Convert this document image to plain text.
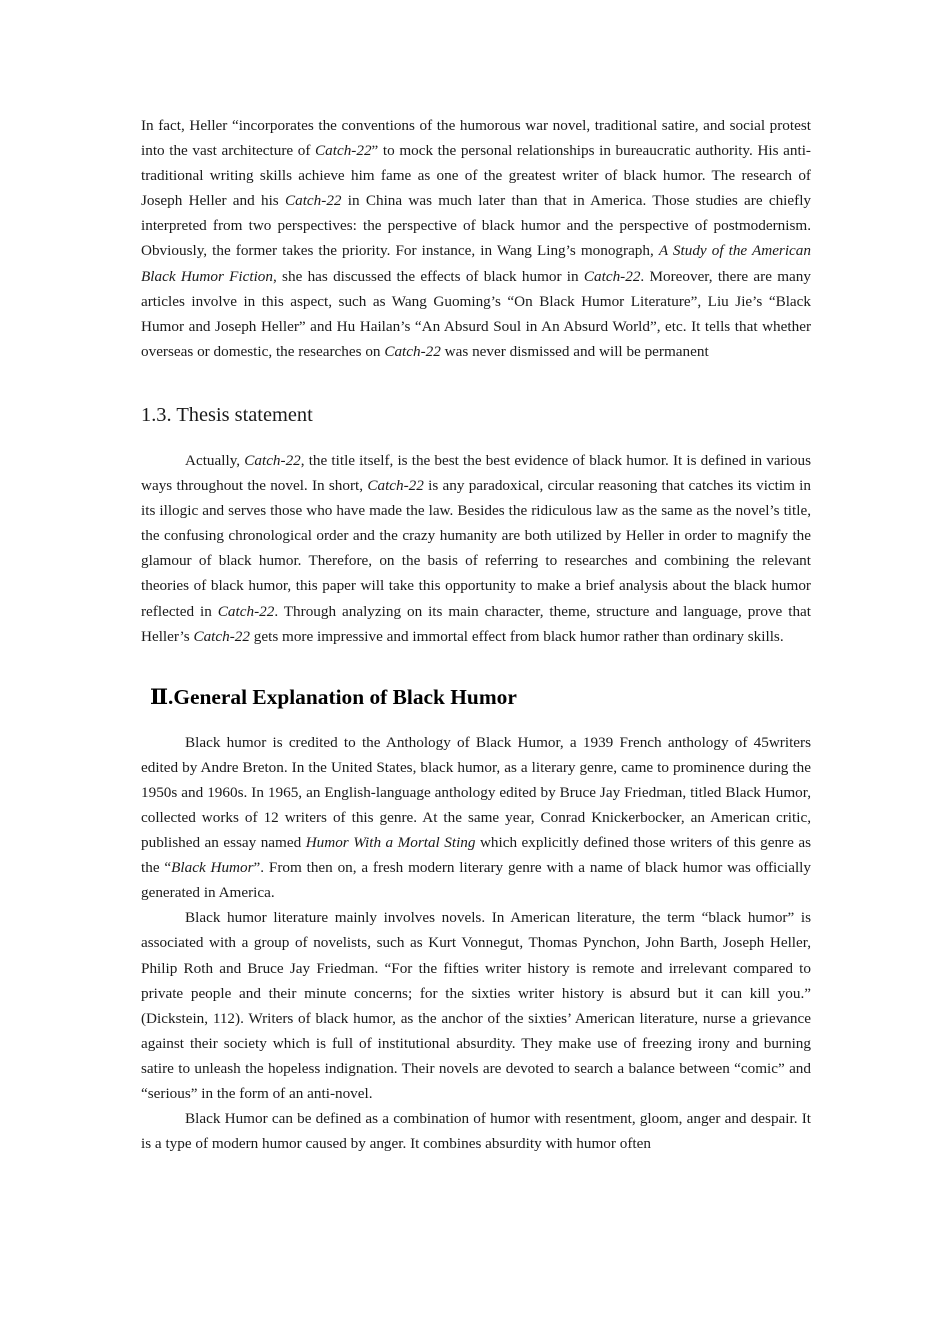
In fact, Heller “incorporates the conventions of the humorous war novel, traditional satire, and social protest into the vast architecture of Catch-22” to mock the personal relationships in bureaucratic authority. His anti-traditional writing skills achieve him fame as one of the greatest writer of black humor. The research of Joseph Heller and his Catch-22 in China was much later than that in America. Those studies are chiefly interpreted from two perspectives: the perspective of black humor and the perspective of postmodernism. Obviously, the former takes the priority. For instance, in Wang Ling’s monograph, A Study of the American Black Humor Fiction, she has discussed the effects of black humor in Catch-22. Moreover, there are many articles involve in this aspect, such as Wang Guoming’s “On Black Humor Literature”, Liu Jie’s “Black Humor and Joseph Heller” and Hu Hailan’s “An Absurd Soul in An Absurd World”, etc. It tells that whether overseas or domestic, the researches on Catch-22 was never dismissed and will be permanent

1.3. Thesis statement

Actually, Catch-22, the title itself, is the best the best evidence of black humor. It is defined in various ways throughout the novel. In short, Catch-22 is any paradoxical, circular reasoning that catches its victim in its illogic and serves those who have made the law. Besides the ridiculous law as the same as the novel’s title, the confusing chronological order and the crazy humanity are both utilized by Heller in order to magnify the glamour of black humor. Therefore, on the basis of referring to researches and combining the relevant theories of black humor, this paper will take this opportunity to make a brief analysis about the black humor reflected in Catch-22. Through analyzing on its main character, theme, structure and language, prove that Heller’s Catch-22 gets more impressive and immortal effect from black humor rather than ordinary skills.

Ⅱ.General Explanation of Black Humor

Black humor is credited to the Anthology of Black Humor, a 1939 French anthology of 45writers edited by Andre Breton. In the United States, black humor, as a literary genre, came to prominence during the 1950s and 1960s. In 1965, an English-language anthology edited by Bruce Jay Friedman, titled Black Humor, collected works of 12 writers of this genre. At the same year, Conrad Knickerbocker, an American critic, published an essay named Humor With a Mortal Sting which explicitly defined those writers of this genre as the “Black Humor”. From then on, a fresh modern literary genre with a name of black humor was officially generated in America.

Black humor literature mainly involves novels. In American literature, the term “black humor” is associated with a group of novelists, such as Kurt Vonnegut, Thomas Pynchon, John Barth, Joseph Heller, Philip Roth and Bruce Jay Friedman. “For the fifties writer history is remote and irrelevant compared to private people and their minute concerns; for the sixties writer history is absurd but it can kill you.” (Dickstein, 112). Writers of black humor, as the anchor of the sixties’ American literature, nurse a grievance against their society which is full of institutional absurdity. They make use of freezing irony and burning satire to unleash the hopeless indignation. Their novels are devoted to search a balance between “comic” and “serious” in the form of an anti-novel.

Black Humor can be defined as a combination of humor with resentment, gloom, anger and despair. It is a type of modern humor caused by anger. It combines absurdity with humor often
